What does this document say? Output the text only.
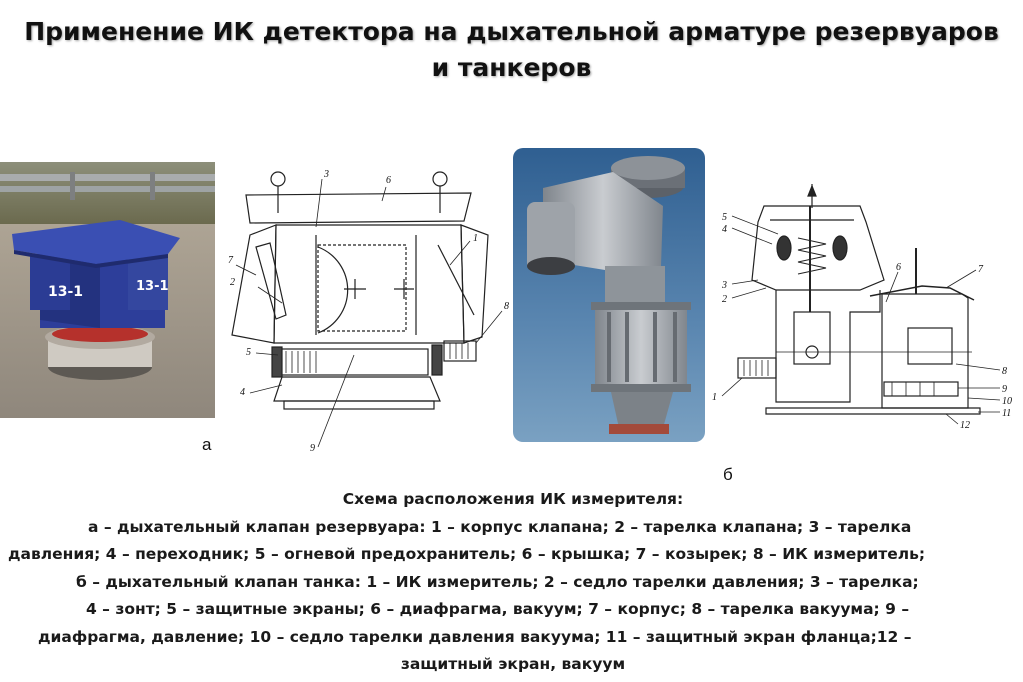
Применение ИК детектора на дыхательной арматуре резервуаров
и танкеров
13-1	13-1
а
1
2
3
4
5
6
7
8
9
б
1
2
3
4
5
6	7
8
9
10
11
12
Схема расположения ИК измерителя:
а – дыхательный клапан резервуара: 1 – корпус клапана; 2 – тарелка клапана; 3 – тарелка
давления; 4 – переходник; 5 – огневой предохранитель; 6 – крышка; 7 – козырек; 8 – ИК измеритель;
б – дыхательный клапан танка: 1 – ИК измеритель; 2 – седло тарелки давления; 3 – тарелка;
4 – зонт; 5 – защитные экраны; 6 – диафрагма, вакуум; 7 – корпус; 8 – тарелка вакуума; 9 –
диафрагма, давление; 10 – седло тарелки давления вакуума; 11 – защитный экран фланца;12 –
защитный экран, вакуум
